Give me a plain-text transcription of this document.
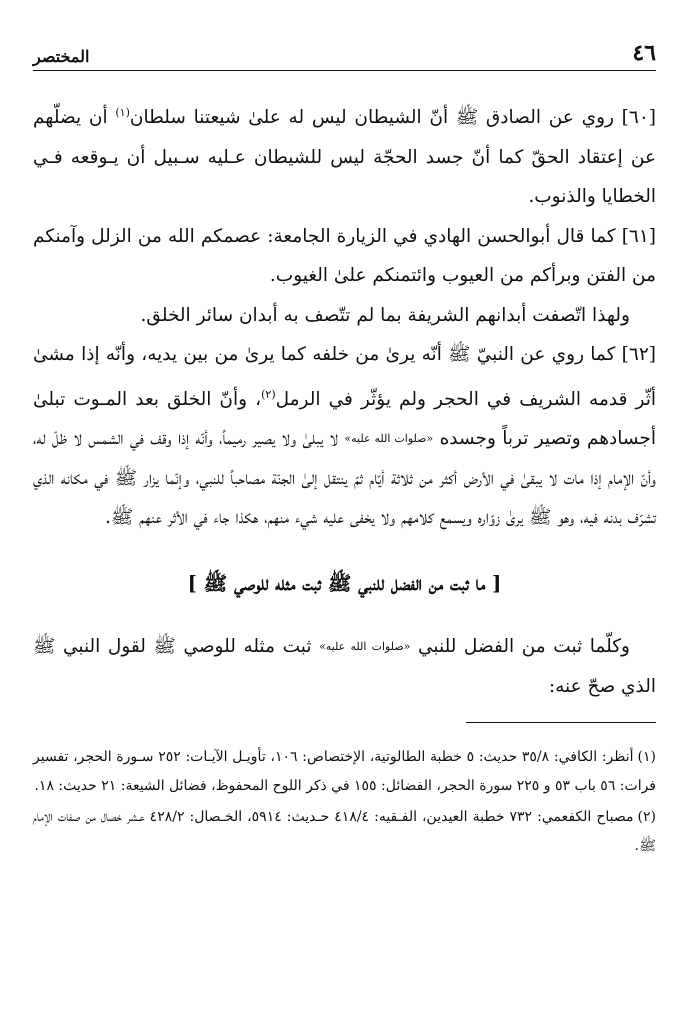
٤٦
المختصر

[٦٠] روي عن الصادق ﷺ أنّ الشيطان ليس له علىٰ شيعتنا سلطان$^{(١)}$ أن يضلّهم عن إعتقاد الحقّ كما أنّ جسد الحجّة ليس للشيطان عـليه سـبيل أن يـوقعه فـي الخطايا والذنوب.

[٦١] كما قال أبوالحسن الهادي في الزيارة الجامعة: عصمكم الله من الزلل وآمنكم من الفتن وبرأكم من العيوب وائتمنكم علىٰ الغيوب.

ولهذا اتّصفت أبدانهم الشريفة بما لم تتّصف به أبدان سائر الخلق.

[٦٢] كما روي عن النبيّ ﷺ أنّه يرىٰ من خلفه كما يرىٰ من بين يديه، وأنّه إذا مشىٰ أثّر قدمه الشريف في الحجر ولم يؤثّر في الرمل$^{(٢)}$، وأنّ الخلق بعد المـوت تبلىٰ أجسادهم وتصير ترباً وجسده «صلوات الله عليه» لا يبلىٰ ولا يصير رميماً، وأنّه إذا وقف في الشمس لا ظلّ له، وأنّ الإمام إذا مات لا يبقىٰ في الأرض أكثر من ثلاثة أيّام ثمّ ينتقل إلىٰ الجنّة مصاحباً للنبي، وإنّما يزار ﷺ في مكانه الذي تشرّف بدنه فيه، وهو ﷺ يرىٰ زوّاره ويسمع كلامهم ولا يخفى عليه شيء منهم، هكذا جاء في الأثر عنهم ﷺ.

[ ما ثبت من الفضل للنبي ﷺ ثبت مثله للوصي ﷺ ]

وكلّما ثبت من الفضل للنبي «صلوات الله عليه» ثبت مثله للوصي ﷺ لقول النبي ﷺ الذي صحّ عنه:

(١)أنظر: الكافي: ٣٥/٨ حديث: ٥ خطبة الطالوتية، الإختصاص: ١٠٦، تأويـل الآيـات: ٢٥٢ سـورة الحجر، تفسير فرات: ٥٦ باب ٥٣ و ٢٢٥ سورة الحجر، الفضائل: ١٥٥ في ذكر اللوح المحفوظ، فضائل الشيعة: ٢١ حديث: ١٨.

(٢)مصباح الكفعمي: ٧٣٢ خطبة العيدين، الفـقيه: ٤١٨/٤ حـديث: ٥٩١٤، الخـصال: ٤٢٨/٢ عـشر خصال من صفات الإمام ﷺ.
